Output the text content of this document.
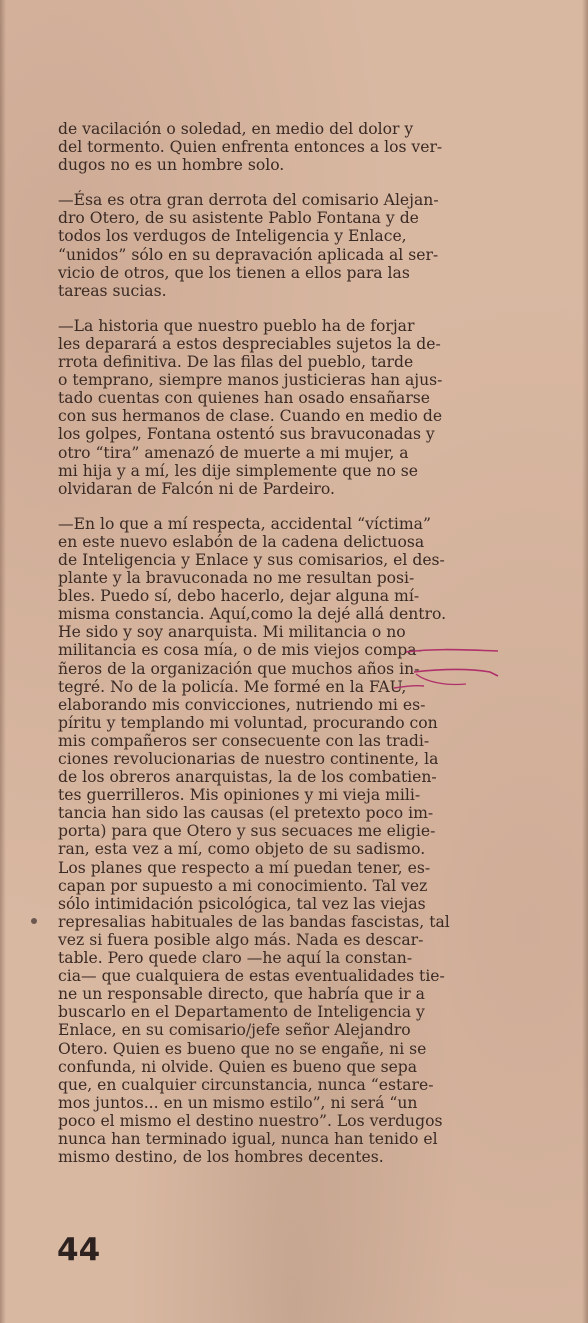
de vacilación o soledad, en medio del dolor y
del tormento. Quien enfrenta entonces a los ver-
dugos no es un hombre solo.

—Ésa es otra gran derrota del comisario Alejan-
dro Otero, de su asistente Pablo Fontana y de
todos los verdugos de Inteligencia y Enlace,
“unidos” sólo en su depravación aplicada al ser-
vicio de otros, que los tienen a ellos para las
tareas sucias.

—La historia que nuestro pueblo ha de forjar
les deparará a estos despreciables sujetos la de-
rrota definitiva. De las filas del pueblo, tarde
o temprano, siempre manos justicieras han ajus-
tado cuentas con quienes han osado ensañarse
con sus hermanos de clase. Cuando en medio de
los golpes, Fontana ostentó sus bravuconadas y
otro “tira” amenazó de muerte a mi mujer, a
mi hija y a mí, les dije simplemente que no se
olvidaran de Falcón ni de Pardeiro.

—En lo que a mí respecta, accidental “víctima”
en este nuevo eslabón de la cadena delictuosa
de Inteligencia y Enlace y sus comisarios, el des-
plante y la bravuconada no me resultan posi-
bles. Puedo sí, debo hacerlo, dejar alguna mí-
misma constancia. Aquí,como la dejé allá dentro.
He sido y soy anarquista. Mi militancia o no
militancia es cosa mía, o de mis viejos compa-
ñeros de la organización que muchos años in-
tegré. No de la policía. Me formé en la FAU,
elaborando mis convicciones, nutriendo mi es-
píritu y templando mi voluntad, procurando con
mis compañeros ser consecuente con las tradi-
ciones revolucionarias de nuestro continente, la
de los obreros anarquistas, la de los combatien-
tes guerrilleros. Mis opiniones y mi vieja mili-
tancia han sido las causas (el pretexto poco im-
porta) para que Otero y sus secuaces me eligie-
ran, esta vez a mí, como objeto de su sadismo.
Los planes que respecto a mí puedan tener, es-
capan por supuesto a mi conocimiento. Tal vez
sólo intimidación psicológica, tal vez las viejas
represalias habituales de las bandas fascistas, tal
vez si fuera posible algo más. Nada es descar-
table. Pero quede claro —he aquí la constan-
cia— que cualquiera de estas eventualidades tie-
ne un responsable directo, que habría que ir a
buscarlo en el Departamento de Inteligencia y
Enlace, en su comisario/jefe señor Alejandro
Otero. Quien es bueno que no se engañe, ni se
confunda, ni olvide. Quien es bueno que sepa
que, en cualquier circunstancia, nunca “estare-
mos juntos... en un mismo estilo”, ni será “un
poco el mismo el destino nuestro”. Los verdugos
nunca han terminado igual, nunca han tenido el
mismo destino, de los hombres decentes.

44
